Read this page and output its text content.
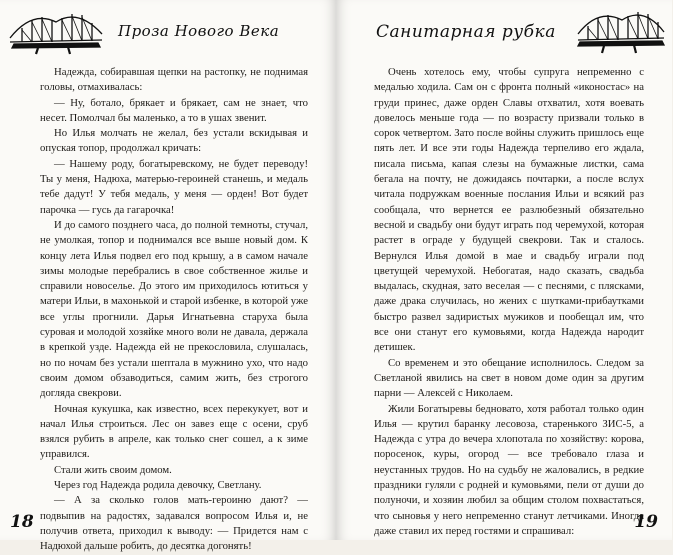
Проза Нового Века

Надежда, собиравшая щепки на растопку, не поднимая головы, отмахивалась:

— Ну, ботало, брякает и брякает, сам не знает, что несет. Помолчал бы маленько, а то в ушах звенит.

Но Илья молчать не желал, без устали вскидывая и опуская топор, продолжал кричать:

— Нашему роду, богатыревскому, не будет переводу! Ты у меня, Надюха, матерью-героиней станешь, и медаль тебе дадут! У тебя медаль, у меня — орден! Вот будет парочка — гусь да гагарочка!

И до самого позднего часа, до полной темноты, стучал, не умолкая, топор и поднимался все выше новый дом. К концу лета Илья подвел его под крышу, а в самом начале зимы молодые перебрались в свое собственное жилье и справили новоселье. До этого им приходилось ютиться у матери Ильи, в махонькой и старой избенке, в которой уже все углы прогнили. Дарья Игнатьевна старуха была суровая и молодой хозяйке много воли не давала, держала в крепкой узде. Надежда ей не прекословила, слушалась, но по ночам без устали шептала в мужнино ухо, что надо своим домом обзаводиться, самим жить, без строгого догляда свекрови.

Ночная кукушка, как известно, всех перекукует, вот и начал Илья строиться. Лес он завез еще с осени, сруб взялся рубить в апреле, как только снег сошел, а к зиме управился.

Стали жить своим домом.

Через год Надежда родила девочку, Светлану.

— А за сколько голов мать-героиню дают? — подвыпив на радостях, задавался вопросом Илья и, не получив ответа, приходил к выводу: — Придется нам с Надюхой дальше робить, до десятка догонять!

18
Санитарная рубка

Очень хотелось ему, чтобы супруга непременно с медалью ходила. Сам он с фронта полный «иконостас» на груди принес, даже орден Славы отхватил, хотя воевать довелось меньше года — по возрасту призвали только в сорок четвертом. Зато после войны служить пришлось еще пять лет. И все эти годы Надежда терпеливо его ждала, писала письма, капая слезы на бумажные листки, сама бегала на почту, не дожидаясь почтарки, а после вслух читала подружкам военные послания Ильи и всякий раз сообщала, что вернется ее разлюбезный обязательно весной и свадьбу они будут играть под черемухой, которая растет в ограде у будущей свекрови. Так и сталось. Вернулся Илья домой в мае и свадьбу играли под цветущей черемухой. Небогатая, надо сказать, свадьба выдалась, скудная, зато веселая — с песнями, с плясками, даже драка случилась, но жених с шутками-прибаутками быстро развел задиристых мужиков и пообещал им, что все они станут его кумовьями, когда Надежда народит детишек.

Со временем и это обещание исполнилось. Следом за Светланой явились на свет в новом доме один за другим парни — Алексей с Николаем.

Жили Богатыревы бедновато, хотя работал только один Илья — крутил баранку лесовоза, старенького ЗИС-5, а Надежда с утра до вечера хлопотала по хозяйству: корова, поросенок, куры, огород — все требовало глаза и неустанных трудов. Но на судьбу не жаловались, в редкие праздники гуляли с родней и кумовьями, пели от души до полуночи, и хозяин любил за общим столом похвастаться, что сыновья у него непременно станут летчиками. Иногда даже ставил их перед гостями и спрашивал:	19
